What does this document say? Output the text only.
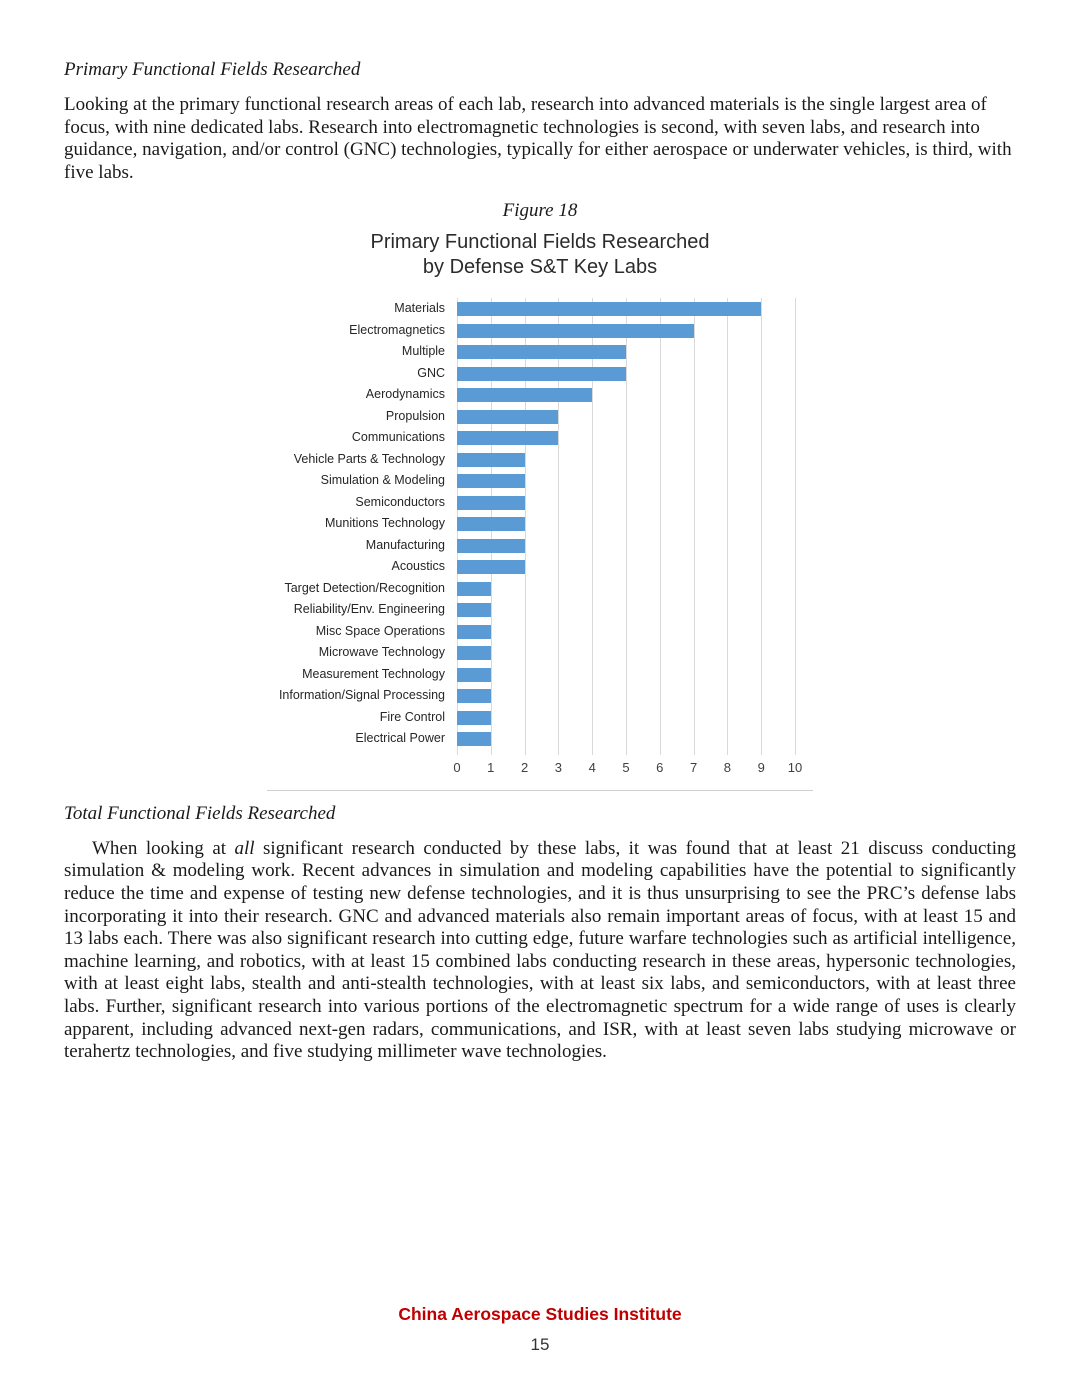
Primary Functional Fields Researched

Looking at the primary functional research areas of each lab, research into advanced materials is the single largest area of focus, with nine dedicated labs. Research into electromagnetic technologies is second, with seven labs, and research into guidance, navigation, and/or control (GNC) technologies, typically for either aerospace or underwater vehicles, is third, with five labs.

Figure 18
Primary Functional Fields Researched
by Defense S&T Key Labs
Materials
Electromagnetics
Multiple
GNC
Aerodynamics
Propulsion
Communications
Vehicle Parts & Technology
Simulation & Modeling
Semiconductors
Munitions Technology
Manufacturing
Acoustics
Target Detection/Recognition
Reliability/Env. Engineering
Misc Space Operations
Microwave Technology
Measurement Technology
Information/Signal Processing
Fire Control
Electrical Power
0 1 2 3 4 5 6 7 8 9 10
Total Functional Fields Researched

When looking at all significant research conducted by these labs, it was found that at least 21 discuss conducting simulation & modeling work. Recent advances in simulation and modeling capabilities have the potential to significantly reduce the time and expense of testing new defense technologies, and it is thus unsurprising to see the PRC’s defense labs incorporating it into their research. GNC and advanced materials also remain important areas of focus, with at least 15 and 13 labs each. There was also significant research into cutting edge, future warfare technologies such as artificial intelligence, machine learning, and robotics, with at least 15 combined labs conducting research in these areas, hypersonic technologies, with at least eight labs, stealth and anti-stealth technologies, with at least six labs, and semiconductors, with at least three labs. Further, significant research into various portions of the electromagnetic spectrum for a wide range of uses is clearly apparent, including advanced next-gen radars, communications, and ISR, with at least seven labs studying microwave or terahertz technologies, and five studying millimeter wave technologies.

China Aerospace Studies Institute
15
